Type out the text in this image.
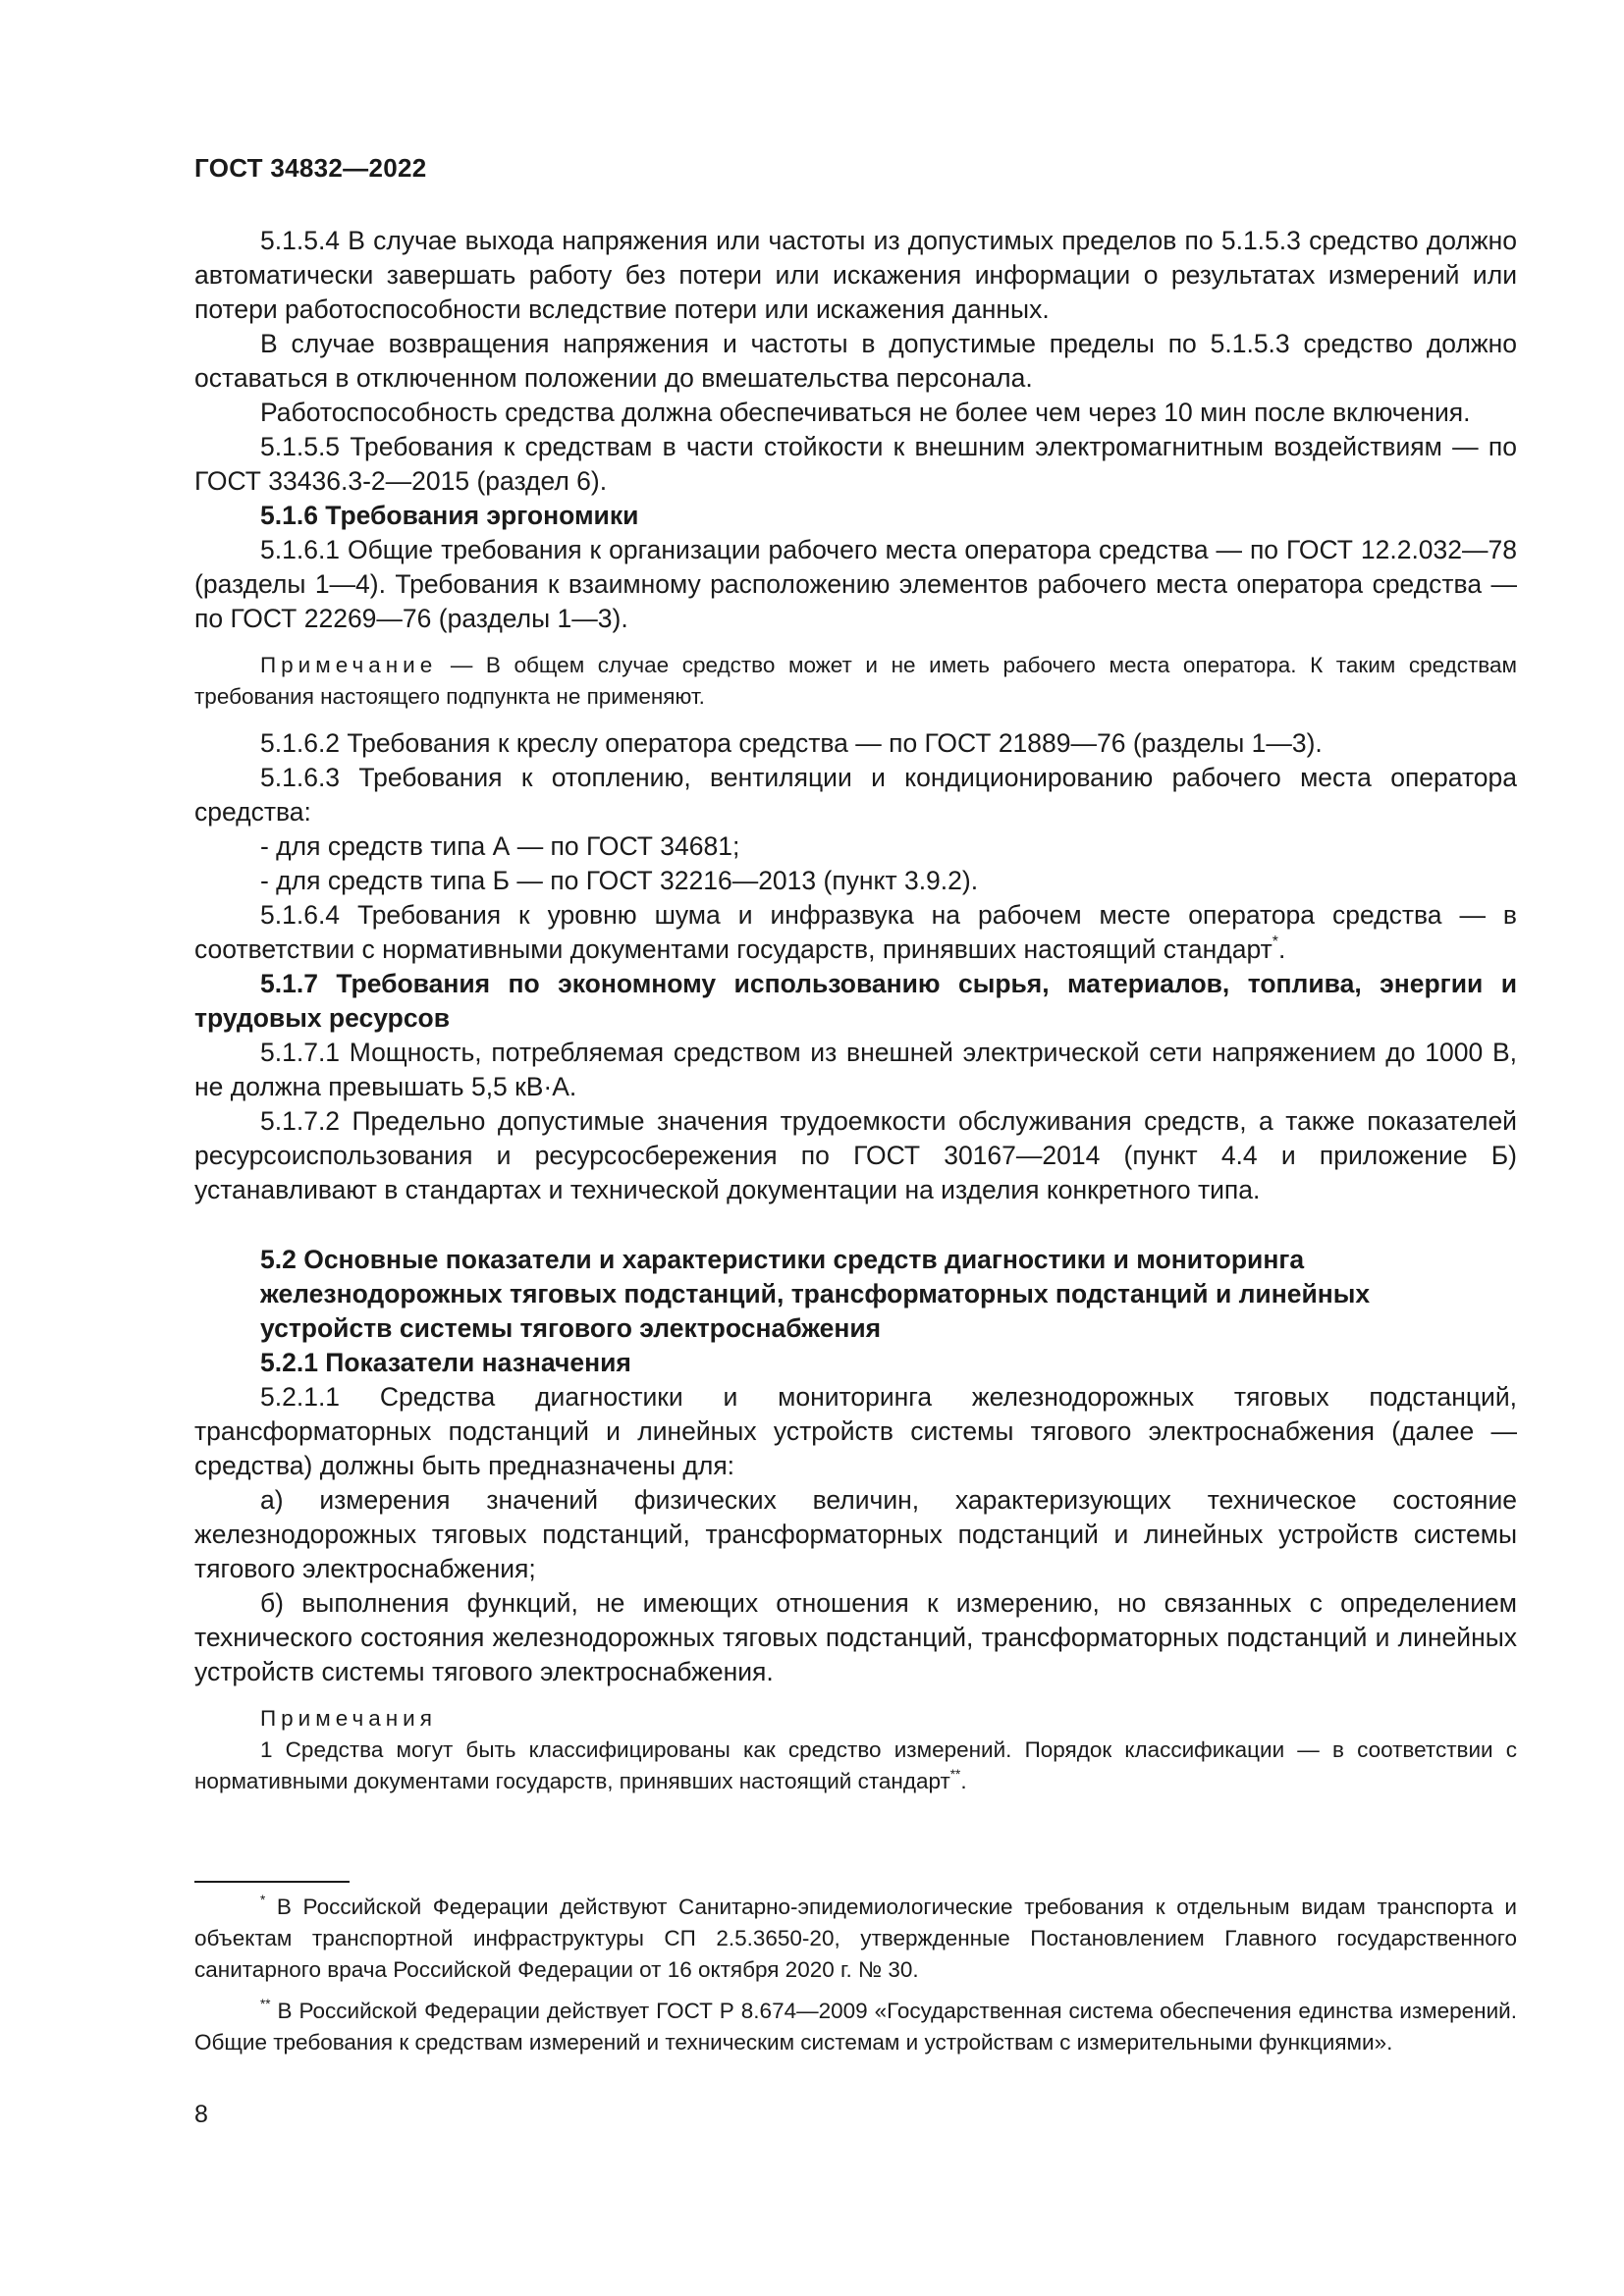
ГОСТ 34832—2022

5.1.5.4 В случае выхода напряжения или частоты из допустимых пределов по 5.1.5.3 средство должно автоматически завершать работу без потери или искажения информации о результатах измерений или потери работоспособности вследствие потери или искажения данных.

В случае возвращения напряжения и частоты в допустимые пределы по 5.1.5.3 средство должно оставаться в отключенном положении до вмешательства персонала.

Работоспособность средства должна обеспечиваться не более чем через 10 мин после включения.

5.1.5.5 Требования к средствам в части стойкости к внешним электромагнитным воздействиям — по ГОСТ 33436.3-2—2015 (раздел 6).

5.1.6 Требования эргономики

5.1.6.1 Общие требования к организации рабочего места оператора средства — по ГОСТ 12.2.032—78 (разделы 1—4). Требования к взаимному расположению элементов рабочего места оператора средства — по ГОСТ 22269—76 (разделы 1—3).

Примечание — В общем случае средство может и не иметь рабочего места оператора. К таким средствам требования настоящего подпункта не применяют.

5.1.6.2 Требования к креслу оператора средства — по ГОСТ 21889—76 (разделы 1—3).

5.1.6.3 Требования к отоплению, вентиляции и кондиционированию рабочего места оператора средства:

- для средств типа А — по ГОСТ 34681;

- для средств типа Б — по ГОСТ 32216—2013 (пункт 3.9.2).

5.1.6.4 Требования к уровню шума и инфразвука на рабочем месте оператора средства — в соответствии с нормативными документами государств, принявших настоящий стандарт*.

5.1.7 Требования по экономному использованию сырья, материалов, топлива, энергии и трудовых ресурсов

5.1.7.1 Мощность, потребляемая средством из внешней электрической сети напряжением до 1000 В, не должна превышать 5,5 кВ·А.

5.1.7.2 Предельно допустимые значения трудоемкости обслуживания средств, а также показателей ресурсоиспользования и ресурсосбережения по ГОСТ 30167—2014 (пункт 4.4 и приложение Б) устанавливают в стандартах и технической документации на изделия конкретного типа.

5.2 Основные показатели и характеристики средств диагностики и мониторинга
железнодорожных тяговых подстанций, трансформаторных подстанций и линейных
устройств системы тягового электроснабжения

5.2.1 Показатели назначения

5.2.1.1 Средства диагностики и мониторинга железнодорожных тяговых подстанций, трансформаторных подстанций и линейных устройств системы тягового электроснабжения (далее — средства) должны быть предназначены для:

а) измерения значений физических величин, характеризующих техническое состояние железнодорожных тяговых подстанций, трансформаторных подстанций и линейных устройств системы тягового электроснабжения;

б) выполнения функций, не имеющих отношения к измерению, но связанных с определением технического состояния железнодорожных тяговых подстанций, трансформаторных подстанций и линейных устройств системы тягового электроснабжения.

Примечания

1 Средства могут быть классифицированы как средство измерений. Порядок классификации — в соответствии с нормативными документами государств, принявших настоящий стандарт**.

* В Российской Федерации действуют Санитарно-эпидемиологические требования к отдельным видам транспорта и объектам транспортной инфраструктуры СП 2.5.3650-20, утвержденные Постановлением Главного государственного санитарного врача Российской Федерации от 16 октября 2020 г. № 30.

** В Российской Федерации действует ГОСТ Р 8.674—2009 «Государственная система обеспечения единства измерений. Общие требования к средствам измерений и техническим системам и устройствам с измерительными функциями».

8
